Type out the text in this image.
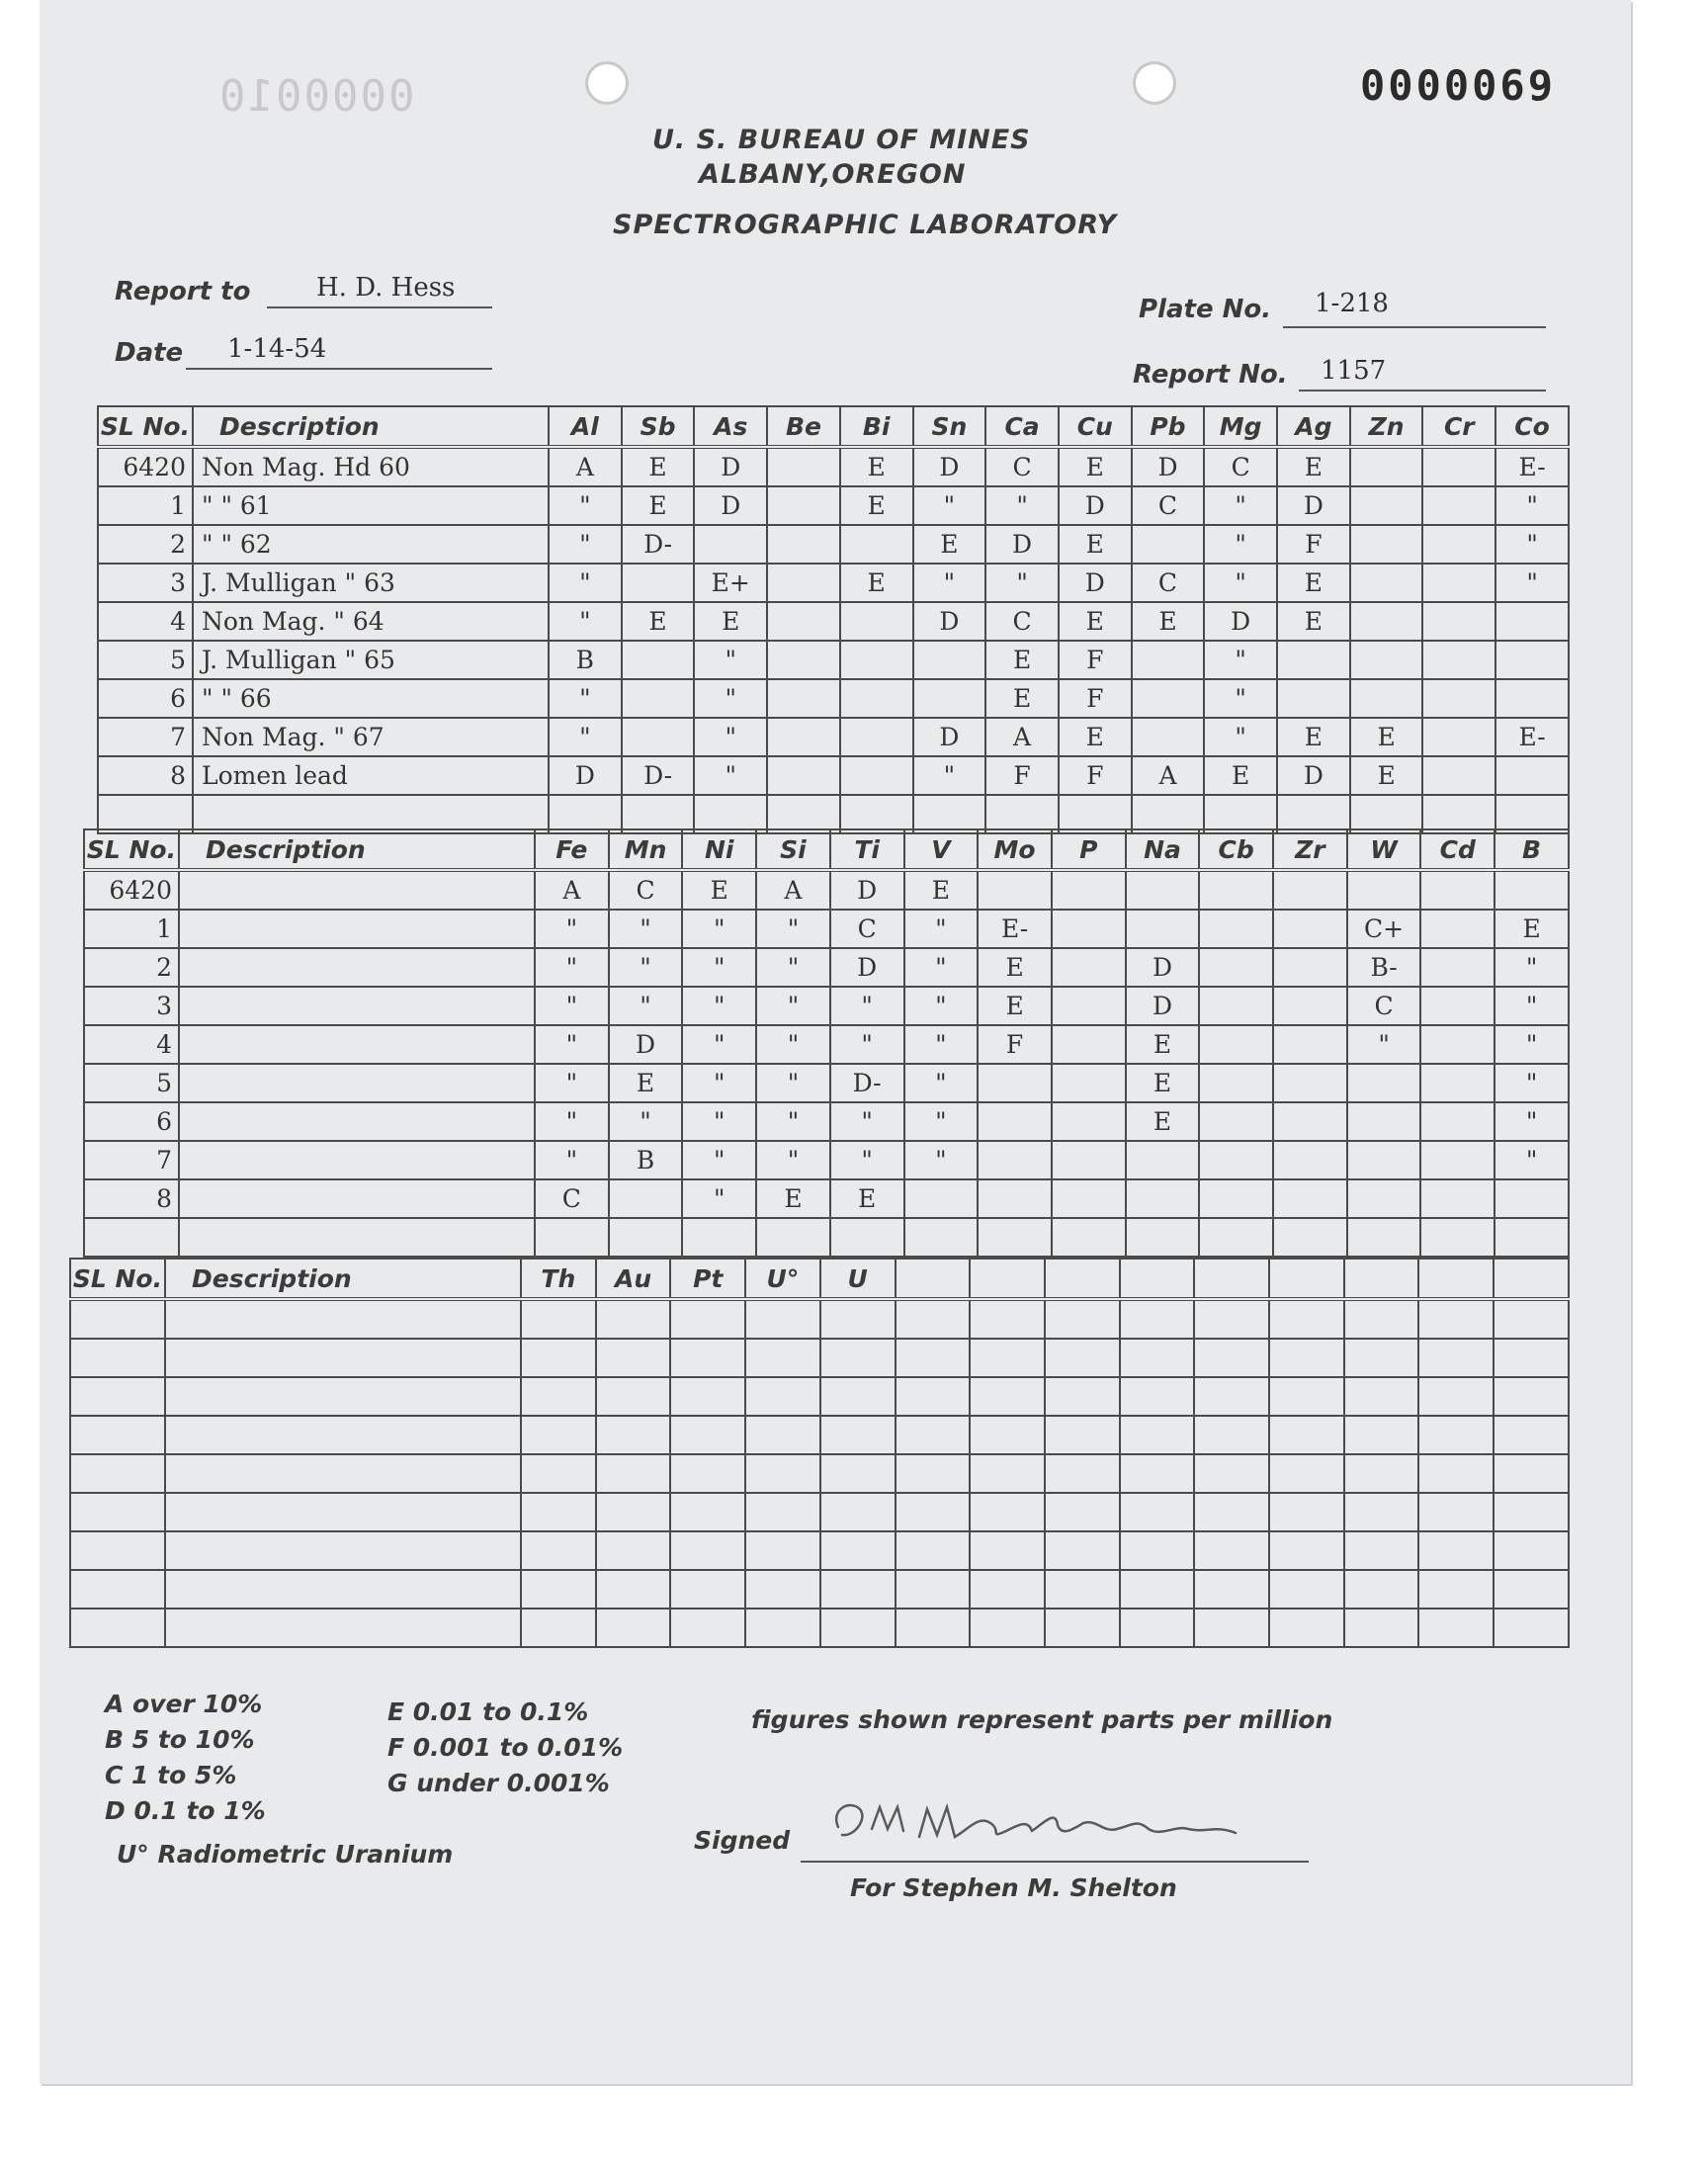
0000010	0000069
U. S. BUREAU OF MINES
ALBANY,OREGON
SPECTROGRAPHIC LABORATORY
Report to	H. D. Hess
Date 1-14-54
Plate No. 1-218
Report No. 1157
SL No.	Description	Al	Sb	As	Be	Bi	Sn	Ca	Cu	Pb	Mg	Ag	Zn	Cr	Co
6420	Non Mag. Hd 60	A	E	D		E	D	C	E	D	C	E			E-
1	" " 61	"	E	D		E	"	"	D	C	"	D			"
2	" " 62	"	D-				E	D	E		"	F			"
3	J. Mulligan " 63	"		E+		E	"	"	D	C	"	E			"
4	Non Mag. " 64	"	E	E			D	C	E	E	D	E			
5	J. Mulligan " 65	B		"				E	F		"				
6	" " 66	"		"				E	F		"				
7	Non Mag. " 67	"		"			D	A	E		"	E	E		E-
8	Lomen lead	D	D-	"			"	F	F	A	E	D	E		

SL No.	Description	Fe	Mn	Ni	Si	Ti	V	Mo	P	Na	Cb	Zr	W	Cd	B
6420		A	C	E	A	D	E								
1		"	"	"	"	C	"	E-					C+		E
2		"	"	"	"	D	"	E		D			B-		"
3		"	"	"	"	"	"	E		D			C		"
4		"	D	"	"	"	"	F		E			"		"
5		"	E	"	"	D-	"			E					"
6		"	"	"	"	"	"			E					"
7		"	B	"	"	"	"								"
8		C		"	E	E									

SL No.	Description	Th	Au	Pt	U°	U									

A over 10%
B 5 to 10%
C 1 to 5%
D 0.1 to 1%
E 0.01 to 0.1%
F 0.001 to 0.01%
G under 0.001%
figures shown represent parts per million
U° Radiometric Uranium	Signed
For Stephen M. Shelton
